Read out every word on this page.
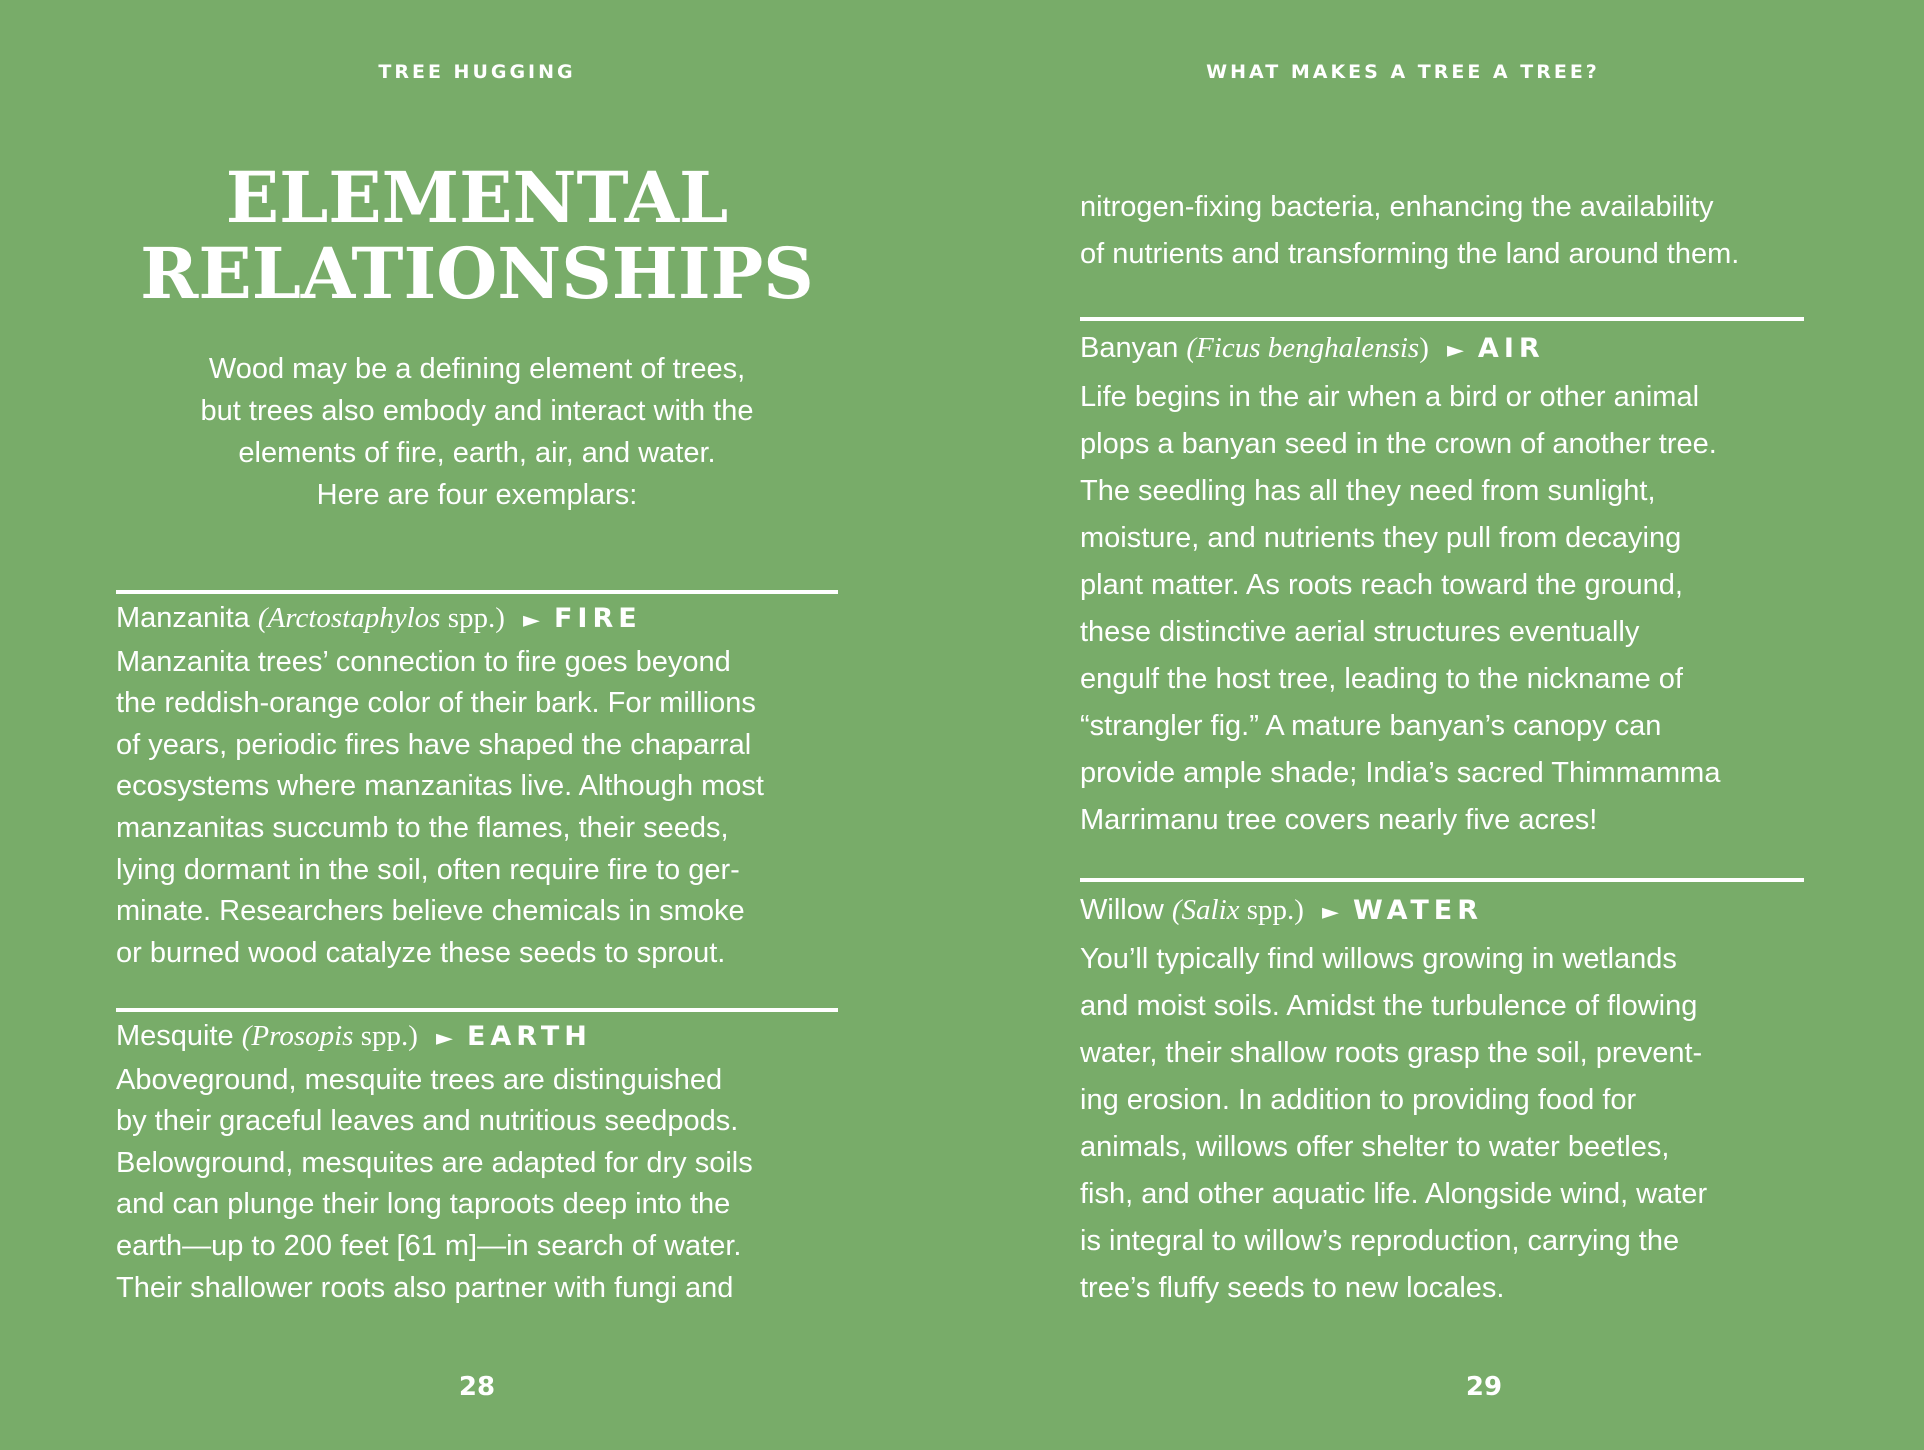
TREE HUGGING
ELEMENTAL
RELATIONSHIPS

Wood may be a defining element of trees,
but trees also embody and interact with the
elements of fire, earth, air, and water.
Here are four exemplars:

Manzanita (Arctostaphylos spp.) ► FIRE
Manzanita trees’ connection to fire goes beyond
the reddish-orange color of their bark. For millions
of years, periodic fires have shaped the chaparral
ecosystems where manzanitas live. Although most
manzanitas succumb to the flames, their seeds,
lying dormant in the soil, often require fire to ger-
minate. Researchers believe chemicals in smoke
or burned wood catalyze these seeds to sprout.
Mesquite (Prosopis spp.) ► EARTH
Aboveground, mesquite trees are distinguished
by their graceful leaves and nutritious seedpods.
Belowground, mesquites are adapted for dry soils
and can plunge their long taproots deep into the
earth—up to 200 feet [61 m]—in search of water.
Their shallower roots also partner with fungi and
28
WHAT MAKES A TREE A TREE?
nitrogen-fixing bacteria, enhancing the availability
of nutrients and transforming the land around them.
Banyan (Ficus benghalensis) ► AIR
Life begins in the air when a bird or other animal
plops a banyan seed in the crown of another tree.
The seedling has all they need from sunlight,
moisture, and nutrients they pull from decaying
plant matter. As roots reach toward the ground,
these distinctive aerial structures eventually
engulf the host tree, leading to the nickname of
“strangler fig.” A mature banyan’s canopy can
provide ample shade; India’s sacred Thimmamma
Marrimanu tree covers nearly five acres!
Willow (Salix spp.) ► WATER
You’ll typically find willows growing in wetlands
and moist soils. Amidst the turbulence of flowing
water, their shallow roots grasp the soil, prevent-
ing erosion. In addition to providing food for
animals, willows offer shelter to water beetles,
fish, and other aquatic life. Alongside wind, water
is integral to willow’s reproduction, carrying the
tree’s fluffy seeds to new locales.
29
